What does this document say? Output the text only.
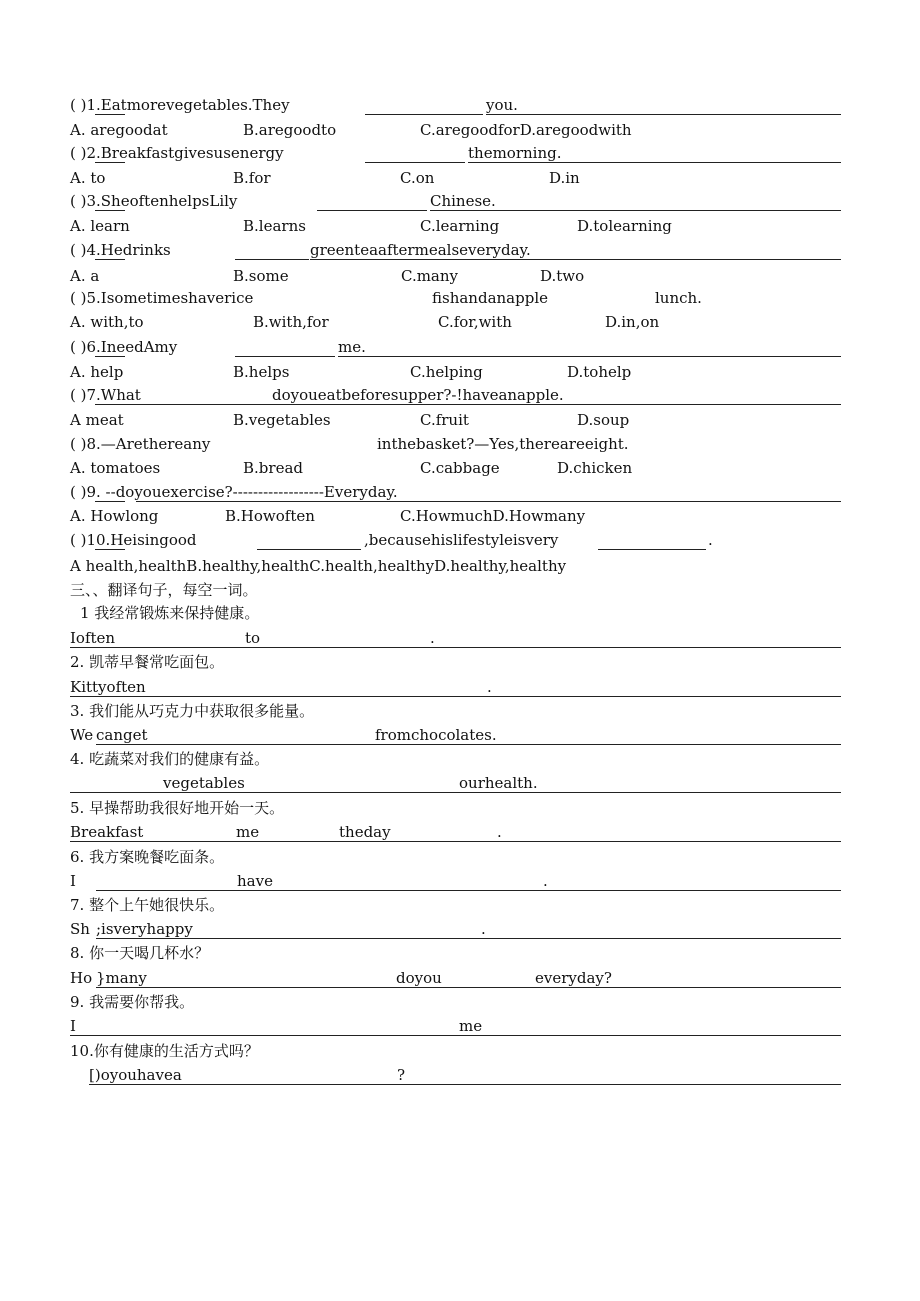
( )1.Eatmorevegetables.They	you.
A. aregoodat	B.aregoodto	C.aregoodforD.aregoodwith
( )2.Breakfastgivesusenergy	themorning.
A. to	B.for	C.on	D.in
( )3.SheoftenhelpsLily	Chinese.
A. learn	B.learns	C.learning	D.tolearning
( )4.Hedrinks	greenteaaftermealseveryday.
A. a	B.some	C.many	D.two
( )5.Isometimeshaverice	fishandanapple	lunch.
A. with,to	B.with,for	C.for,with	D.in,on
( )6.IneedAmy	me.
A. help	B.helps	C.helping	D.tohelp
( )7.What	doyoueatbeforesupper?-!haveanapple.
A meat	B.vegetables	C.fruit	D.soup
( )8.—Arethereany	inthebasket?—Yes,thereareeight.
A. tomatoes	B.bread	C.cabbage	D.chicken
( )9. --doyouexercise?------------------Everyday.
A. Howlong	B.Howoften	C.HowmuchD.Howmany
( )10.Heisingood	,becausehislifestyleisvery	.
A health,healthB.healthy,healthC.health,healthyD.healthy,healthy
三、、翻译句子，每空一词。
1 我经常锻炼来保持健康。
Ioften	to	.
2. 凯蒂早餐常吃面包。
Kittyoften	.
3. 我们能从巧克力中获取很多能量。
We canget	fromchocolates.
4. 吃蔬菜对我们的健康有益。
vegetables	ourhealth.
5. 早操帮助我很好地开始一天。
Breakfast	me	theday	.
6. 我方案晚餐吃面条。
I	have	.
7. 整个上午她很快乐。
Sh ;isveryhappy	.
8. 你一天喝几杯水？
Ho }many	doyou	everyday?
9. 我需要你帮我。
I	me
10.你有健康的生活方式吗？
[)oyouhavea	?
